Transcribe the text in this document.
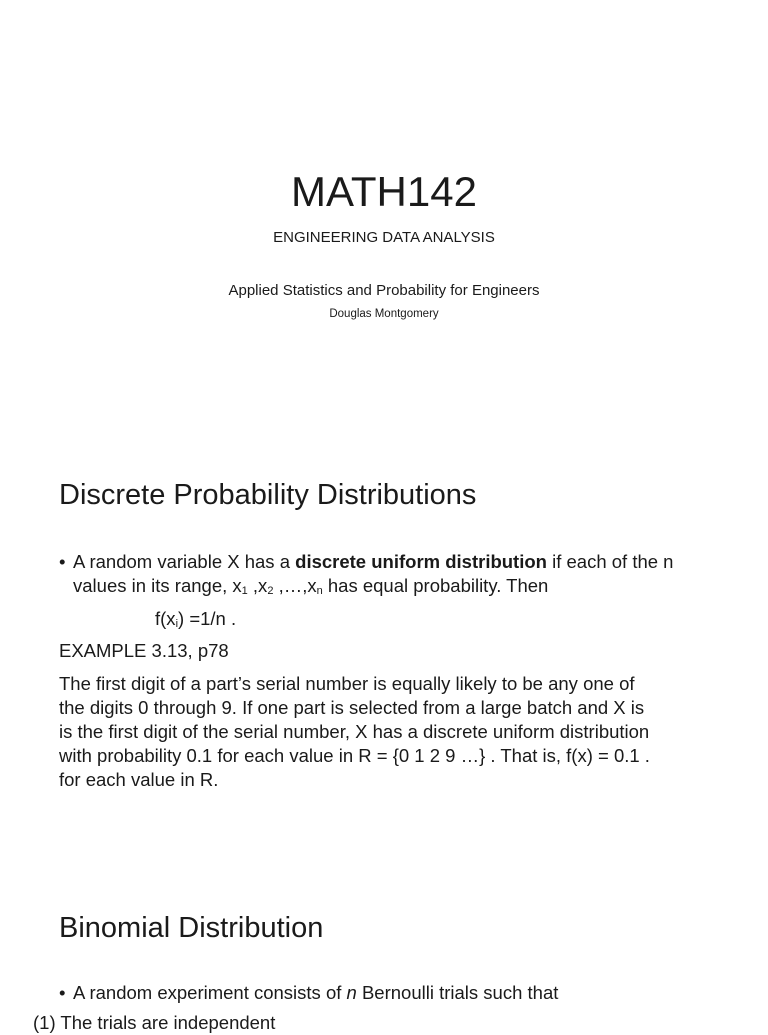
MATH142
ENGINEERING DATA ANALYSIS
Applied Statistics and Probability for Engineers
Douglas Montgomery
Discrete Probability Distributions
• A random variable X has a discrete uniform distribution if each of the n values in its range, $x_1$ $,x_2$ $,\dots,x_n$ has equal probability. Then
$f(x_i) =1/n$ .
EXAMPLE 3.13, p78
The first digit of a part’s serial number is equally likely to be any one of
the digits 0 through 9. If one part is selected from a large batch and X is
is the first digit of the serial number, X has a discrete uniform distribution
with probability 0.1 for each value in R = {0 1 2 9 …} . That is, f(x) = 0.1 .
for each value in R.
Binomial Distribution
• A random experiment consists of n Bernoulli trials such that
(1) The trials are independent
